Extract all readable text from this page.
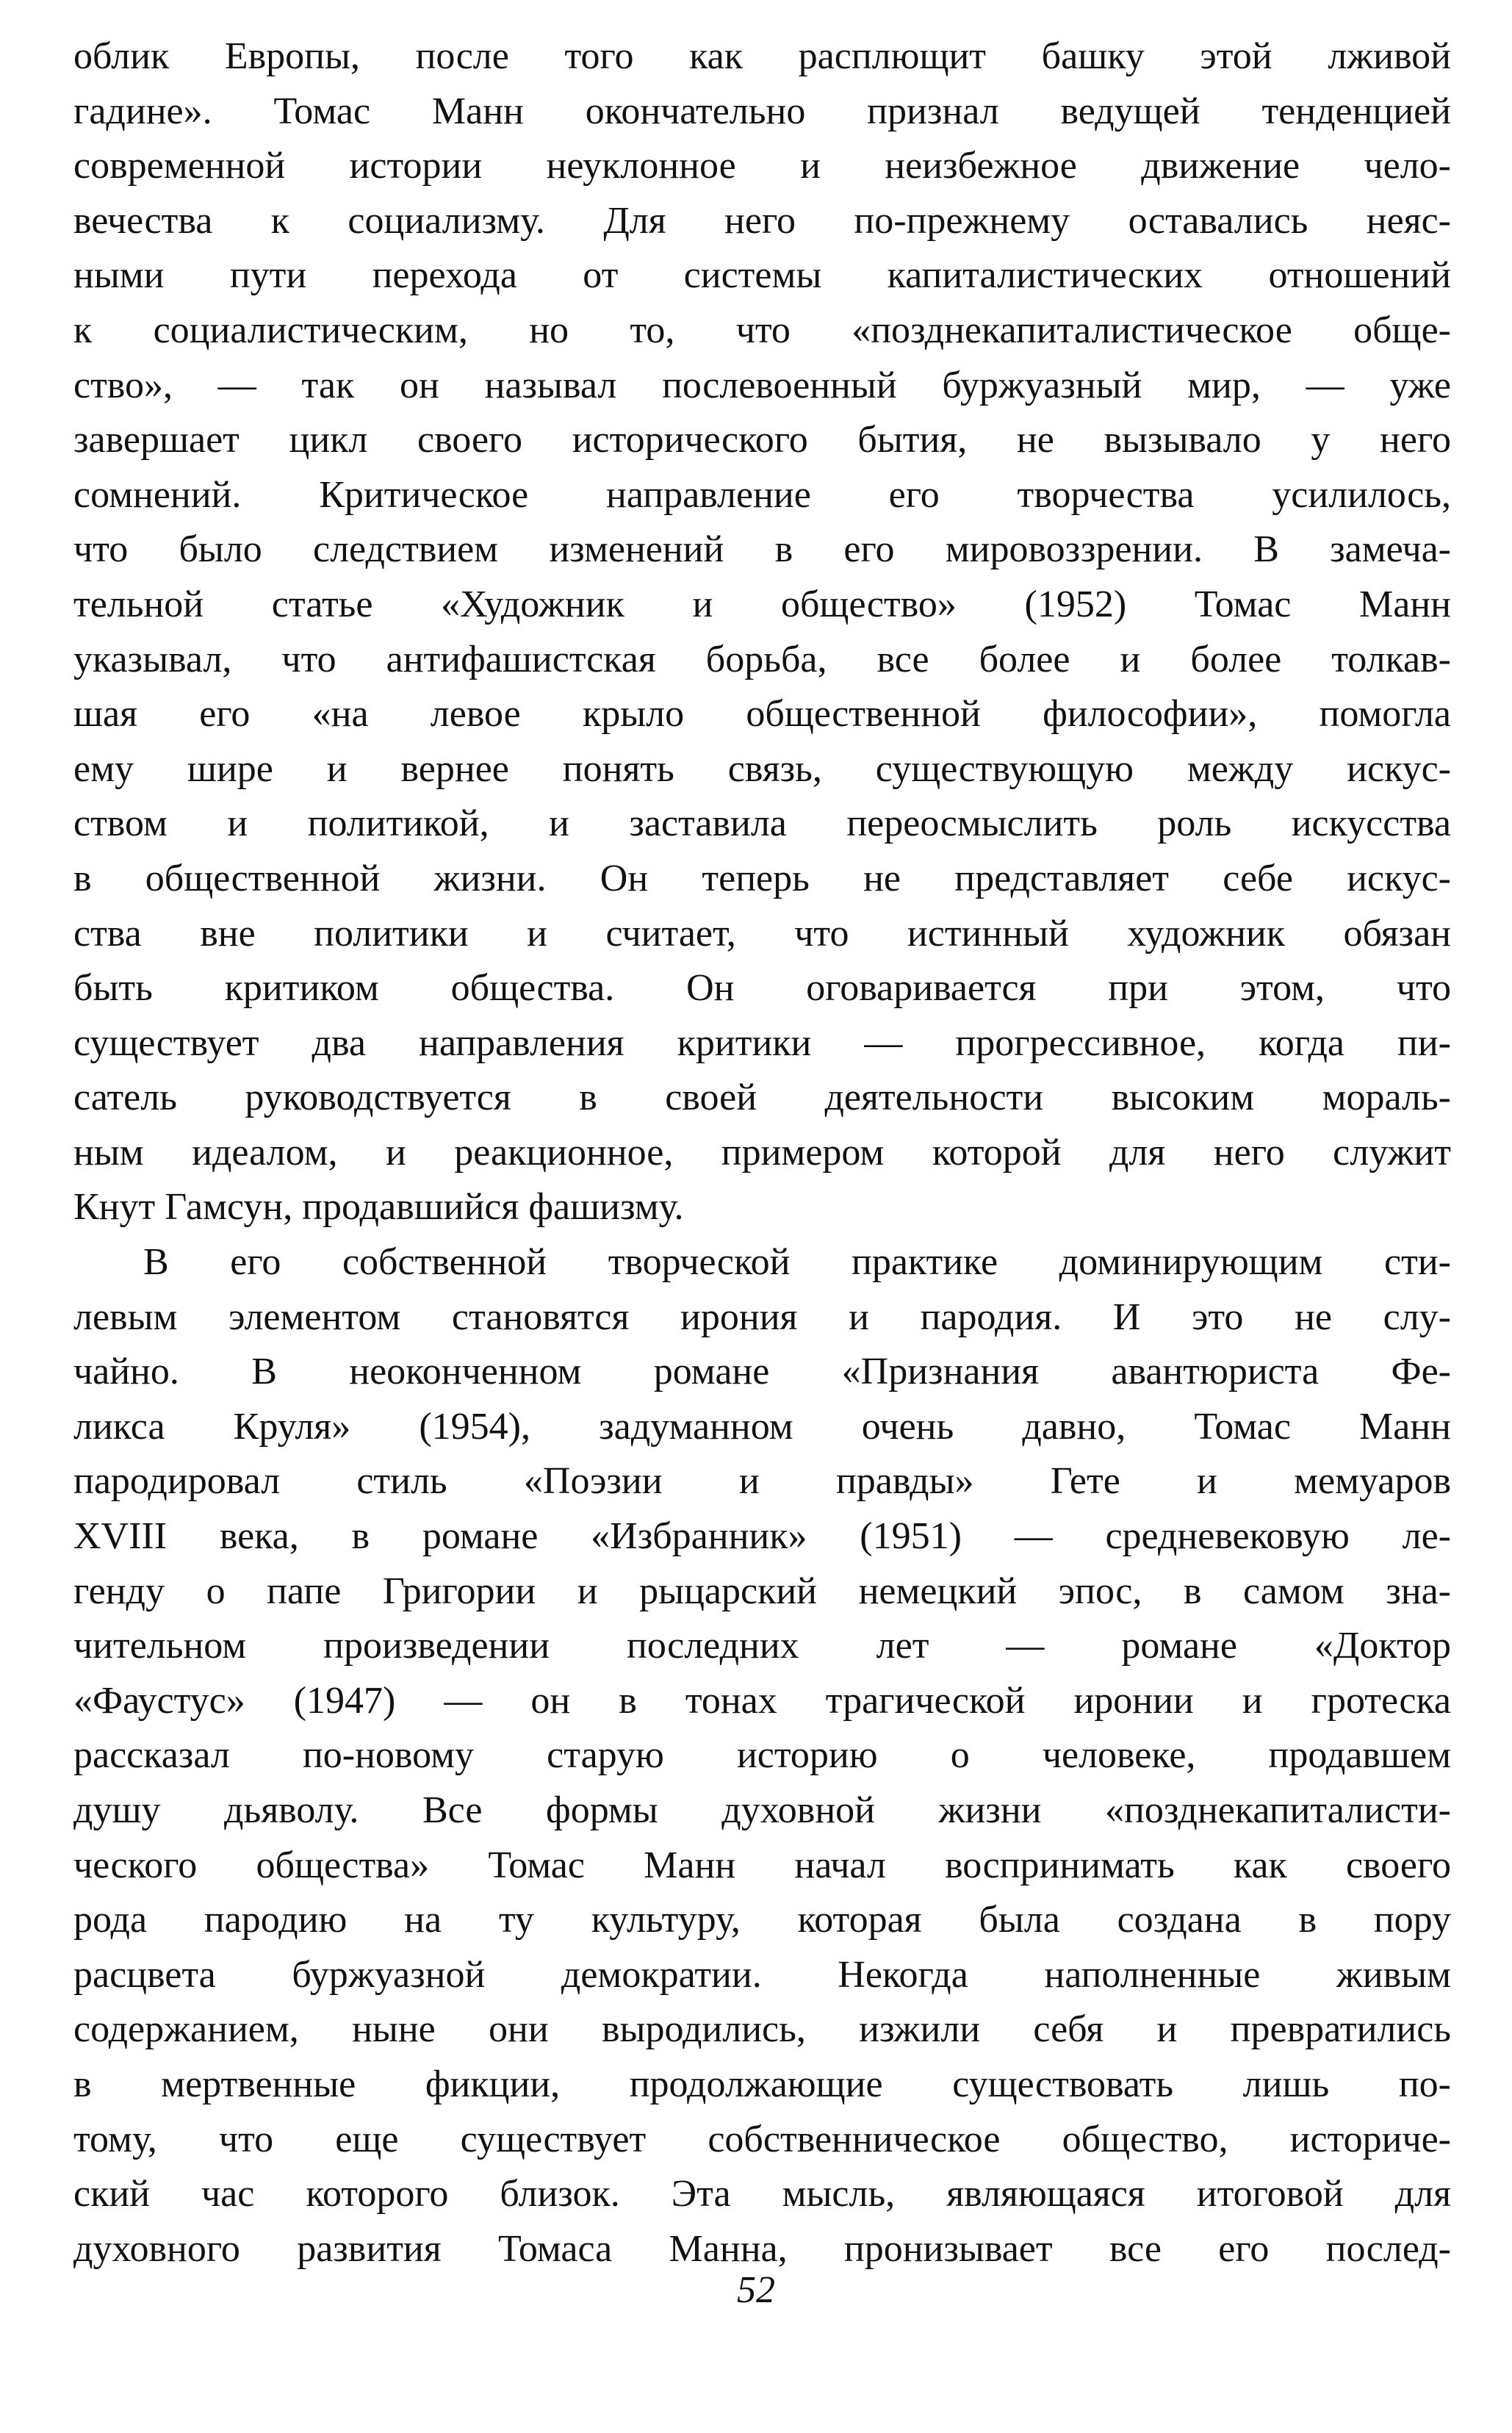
облик Европы, после того как расплющит башку этой лживой
гадине». Томас Манн окончательно признал ведущей тенденцией
современной истории неуклонное и неизбежное движение чело-
вечества к социализму. Для него по-прежнему оставались неяс-
ными пути перехода от системы капиталистических отношений
к социалистическим, но то, что «позднекапиталистическое обще-
ство», — так он называл послевоенный буржуазный мир, — уже
завершает цикл своего исторического бытия, не вызывало у него
сомнений. Критическое направление его творчества усилилось,
что было следствием изменений в его мировоззрении. В замеча-
тельной статье «Художник и общество» (1952) Томас Манн
указывал, что антифашистская борьба, все более и более толкав-
шая его «на левое крыло общественной философии», помогла
ему шире и вернее понять связь, существующую между искус-
ством и политикой, и заставила переосмыслить роль искусства
в общественной жизни. Он теперь не представляет себе искус-
ства вне политики и считает, что истинный художник обязан
быть критиком общества. Он оговаривается при этом, что
существует два направления критики — прогрессивное, когда пи-
сатель руководствуется в своей деятельности высоким мораль-
ным идеалом, и реакционное, примером которой для него служит
Кнут Гамсун, продавшийся фашизму.
В его собственной творческой практике доминирующим сти-
левым элементом становятся ирония и пародия. И это не слу-
чайно. В неоконченном романе «Признания авантюриста Фе-
ликса Круля» (1954), задуманном очень давно, Томас Манн
пародировал стиль «Поэзии и правды» Гете и мемуаров
XVIII века, в романе «Избранник» (1951) — средневековую ле-
генду о папе Григории и рыцарский немецкий эпос, в самом зна-
чительном произведении последних лет — романе «Доктор
«Фаустус» (1947) — он в тонах трагической иронии и гротеска
рассказал по-новому старую историю о человеке, продавшем
душу дьяволу. Все формы духовной жизни «позднекапиталисти-
ческого общества» Томас Манн начал воспринимать как своего
рода пародию на ту культуру, которая была создана в пору
расцвета буржуазной демократии. Некогда наполненные живым
содержанием, ныне они выродились, изжили себя и превратились
в мертвенные фикции, продолжающие существовать лишь по-
тому, что еще существует собственническое общество, историче-
ский час которого близок. Эта мысль, являющаяся итоговой для
духовного развития Томаса Манна, пронизывает все его послед-
52
